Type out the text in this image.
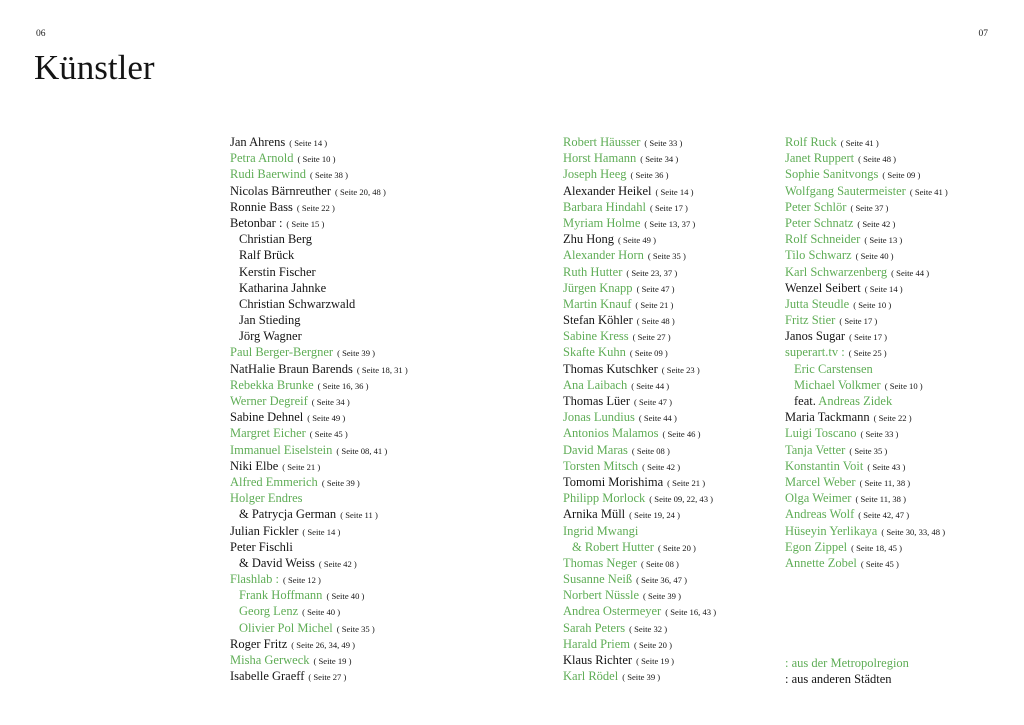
06	07
Künstler
Jan Ahrens ( Seite 14 )
Petra Arnold ( Seite 10 )
Rudi Baerwind ( Seite 38 )
Nicolas Bärnreuther ( Seite 20, 48 )
Ronnie Bass ( Seite 22 )
Betonbar : ( Seite 15 )
Christian Berg
Ralf Brück
Kerstin Fischer
Katharina Jahnke
Christian Schwarzwald
Jan Stieding
Jörg Wagner
Paul Berger-Bergner ( Seite 39 )
NatHalie Braun Barends ( Seite 18, 31 )
Rebekka Brunke ( Seite 16, 36 )
Werner Degreif ( Seite 34 )
Sabine Dehnel ( Seite 49 )
Margret Eicher ( Seite 45 )
Immanuel Eiselstein ( Seite 08, 41 )
Niki Elbe ( Seite 21 )
Alfred Emmerich ( Seite 39 )
Holger Endres
& Patrycja German ( Seite 11 )
Julian Fickler ( Seite 14 )
Peter Fischli
& David Weiss ( Seite 42 )
Flashlab : ( Seite 12 )
Frank Hoffmann ( Seite 40 )
Georg Lenz ( Seite 40 )
Olivier Pol Michel ( Seite 35 )
Roger Fritz ( Seite 26, 34, 49 )
Misha Gerweck ( Seite 19 )
Isabelle Graeff ( Seite 27 )
Robert Häusser ( Seite 33 )
Horst Hamann ( Seite 34 )
Joseph Heeg ( Seite 36 )
Alexander Heikel ( Seite 14 )
Barbara Hindahl ( Seite 17 )
Myriam Holme ( Seite 13, 37 )
Zhu Hong ( Seite 49 )
Alexander Horn ( Seite 35 )
Ruth Hutter ( Seite 23, 37 )
Jürgen Knapp ( Seite 47 )
Martin Knauf ( Seite 21 )
Stefan Köhler ( Seite 48 )
Sabine Kress ( Seite 27 )
Skafte Kuhn ( Seite 09 )
Thomas Kutschker ( Seite 23 )
Ana Laibach ( Seite 44 )
Thomas Lüer ( Seite 47 )
Jonas Lundius ( Seite 44 )
Antonios Malamos ( Seite 46 )
David Maras ( Seite 08 )
Torsten Mitsch ( Seite 42 )
Tomomi Morishima ( Seite 21 )
Philipp Morlock ( Seite 09, 22, 43 )
Arnika Müll ( Seite 19, 24 )
Ingrid Mwangi
& Robert Hutter ( Seite 20 )
Thomas Neger ( Seite 08 )
Susanne Neiß ( Seite 36, 47 )
Norbert Nüssle ( Seite 39 )
Andrea Ostermeyer ( Seite 16, 43 )
Sarah Peters ( Seite 32 )
Harald Priem ( Seite 20 )
Klaus Richter ( Seite 19 )
Karl Rödel ( Seite 39 )
Rolf Ruck ( Seite 41 )
Janet Ruppert ( Seite 48 )
Sophie Sanitvongs ( Seite 09 )
Wolfgang Sautermeister ( Seite 41 )
Peter Schlör ( Seite 37 )
Peter Schnatz ( Seite 42 )
Rolf Schneider ( Seite 13 )
Tilo Schwarz ( Seite 40 )
Karl Schwarzenberg ( Seite 44 )
Wenzel Seibert ( Seite 14 )
Jutta Steudle ( Seite 10 )
Fritz Stier ( Seite 17 )
Janos Sugar ( Seite 17 )
superart.tv : ( Seite 25 )
Eric Carstensen
Michael Volkmer ( Seite 10 )
feat. Andreas Zidek
Maria Tackmann ( Seite 22 )
Luigi Toscano ( Seite 33 )
Tanja Vetter ( Seite 35 )
Konstantin Voit ( Seite 43 )
Marcel Weber ( Seite 11, 38 )
Olga Weimer ( Seite 11, 38 )
Andreas Wolf ( Seite 42, 47 )
Hüseyin Yerlikaya ( Seite 30, 33, 48 )
Egon Zippel ( Seite 18, 45 )
Annette Zobel ( Seite 45 )
: aus der Metropolregion
: aus anderen Städten
